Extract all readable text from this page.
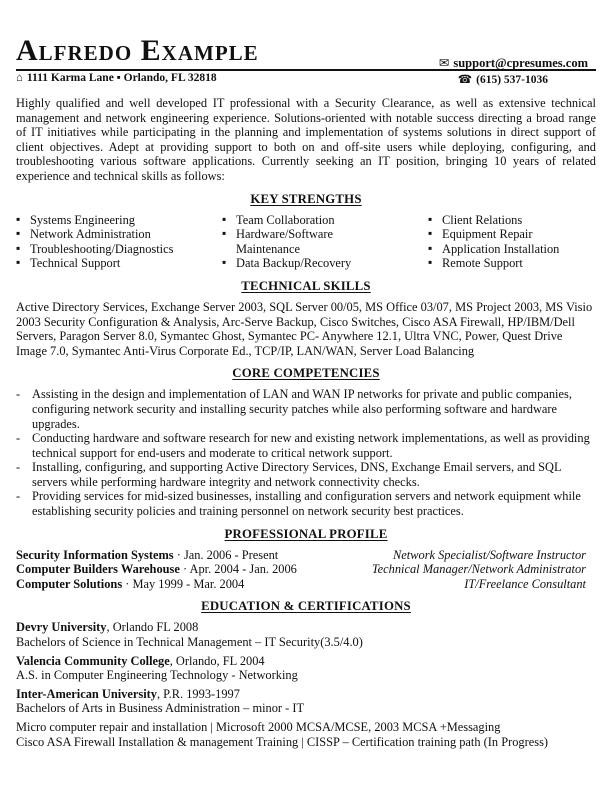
Alfredo Example	✉ support@cpresumes.com
⌂ 1111 Karma Lane ▪ Orlando, FL 32818	☎ (615) 537-1036

Highly qualified and well developed IT professional with a Security Clearance, as well as extensive technical management and network engineering experience. Solutions-oriented with notable success directing a broad range of IT initiatives while participating in the planning and implementation of systems solutions in direct support of client objectives. Adept at providing support to both on and off-site users while deploying, configuring, and troubleshooting various software applications. Currently seeking an IT position, bringing 10 years of related experience and technical skills as follows:

KEY STRENGTHS
▪ Systems Engineering
▪ Network Administration
▪ Troubleshooting/Diagnostics
▪ Technical Support
▪ Team Collaboration
▪ Hardware/Software Maintenance
▪ Data Backup/Recovery
▪ Client Relations
▪ Equipment Repair
▪ Application Installation
▪ Remote Support
TECHNICAL SKILLS

Active Directory Services, Exchange Server 2003, SQL Server 00/05, MS Office 03/07, MS Project 2003, MS Visio 2003 Security Configuration & Analysis, Arc-Serve Backup, Cisco Switches, Cisco ASA Firewall, HP/IBM/Dell Servers, Paragon Server 8.0, Symantec Ghost, Symantec PC- Anywhere 12.1, Ultra VNC, Power, Quest Drive Image 7.0, Symantec Anti-Virus Corporate Ed., TCP/IP, LAN/WAN, Server Load Balancing

CORE COMPETENCIES
- Assisting in the design and implementation of LAN and WAN IP networks for private and public companies, configuring network security and installing security patches while also performing software and hardware upgrades.
- Conducting hardware and software research for new and existing network implementations, as well as providing technical support for end-users and moderate to critical network support.
- Installing, configuring, and supporting Active Directory Services, DNS, Exchange Email servers, and SQL servers while performing hardware integrity and network connectivity checks.
- Providing services for mid-sized businesses, installing and configuration servers and network equipment while establishing security policies and training personnel on network security best practices.
PROFESSIONAL PROFILE
Security Information Systems · Jan. 2006 - Present	Network Specialist/Software Instructor
Computer Builders Warehouse · Apr. 2004 - Jan. 2006	Technical Manager/Network Administrator
Computer Solutions · May 1999 - Mar. 2004	IT/Freelance Consultant
EDUCATION & CERTIFICATIONS
Devry University, Orlando FL 2008
Bachelors of Science in Technical Management – IT Security(3.5/4.0)
Valencia Community College, Orlando, FL 2004
A.S. in Computer Engineering Technology - Networking
Inter-American University, P.R. 1993-1997
Bachelors of Arts in Business Administration – minor - IT
Micro computer repair and installation | Microsoft 2000 MCSA/MCSE, 2003 MCSA +Messaging
Cisco ASA Firewall Installation & management Training | CISSP – Certification training path (In Progress)
